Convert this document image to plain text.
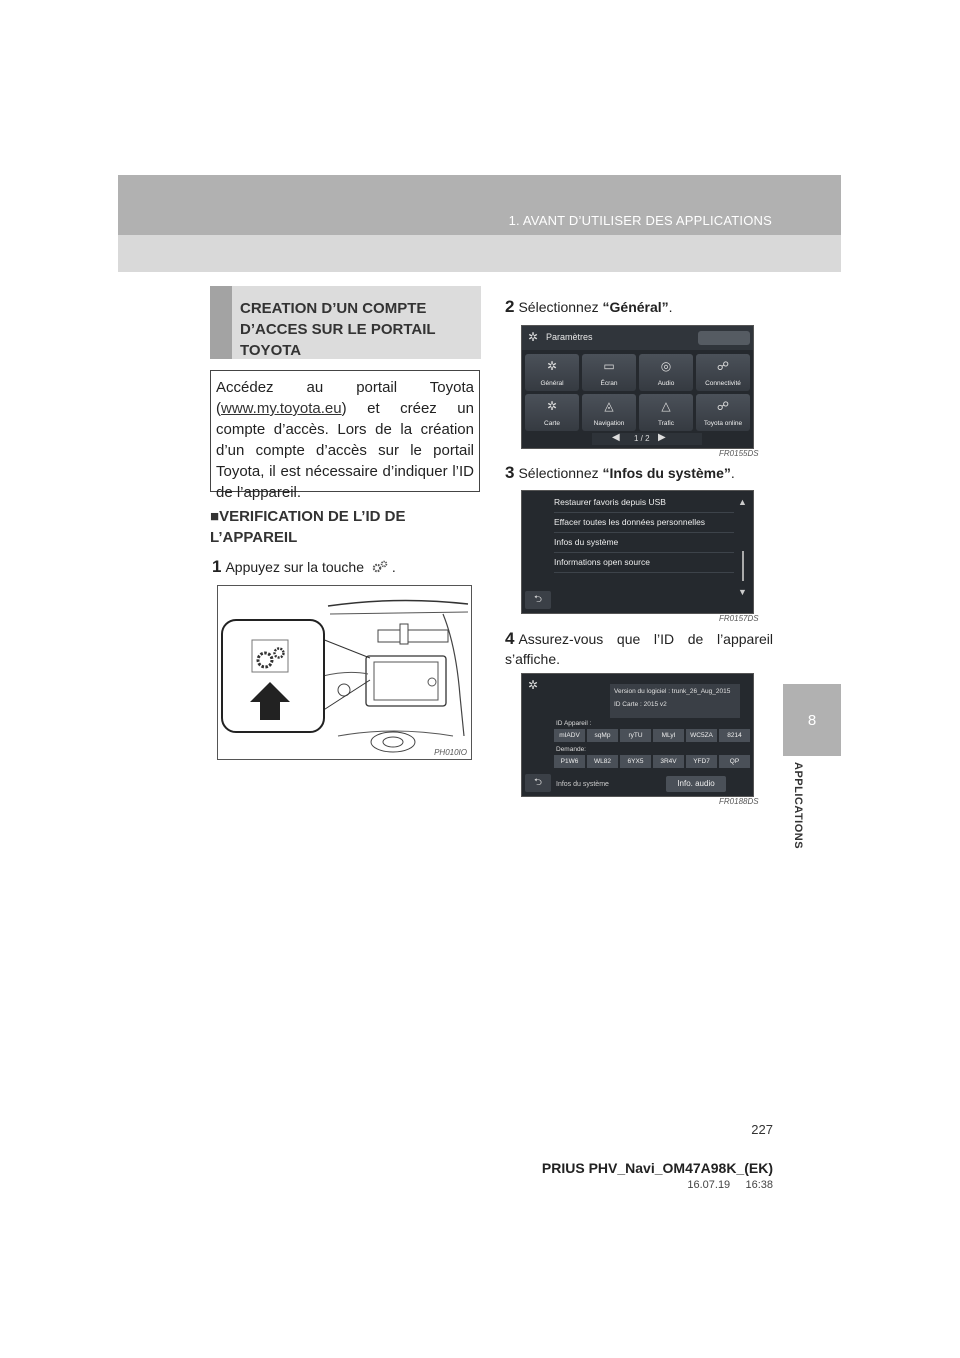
1. AVANT D’UTILISER DES APPLICATIONS
8
APPLICATIONS
CREATION D’UN COMPTE D’ACCES SUR LE PORTAIL TOYOTA
Accédez au portail Toyota (www.my.toyota.eu) et créez un compte d’accès. Lors de la création d’un compte d’accès sur le portail Toyota, il est nécessaire d’indiquer l’ID de l’appareil.
■VERIFICATION DE L’ID DE L’APPAREIL
1 Appuyez sur la touche .
PH010IO
2 Sélectionnez “Général”.
✲ Paramètres
✲
Général
▭
Écran
◎
Audio
☍
Connectivité
✲
Carte
◬
Navigation
△
Trafic
☍
Toyota online
◀ 1 / 2 ▶
FR0155DS
3 Sélectionnez “Infos du système”.
⮌
Restaurer favoris depuis USB
Effacer toutes les données personnelles
Infos du système
Informations open source
▲
▼
FR0157DS
4 Assurez-vous que l’ID de l’appareil s’affiche.
✲	Version du logiciel : trunk_26_Aug_2015
ID Carte : 2015 v2
ID Appareil :
mIADV	sqMp	ryTU	MLyI	WC5ZA	8214
Demande:
P1W6	WL82	6YX5	3R4V	YFD7	QP
⮌	Infos du système	Info. audio
FR0188DS
227
PRIUS PHV_Navi_OM47A98K_(EK)
16.07.19     16:38
